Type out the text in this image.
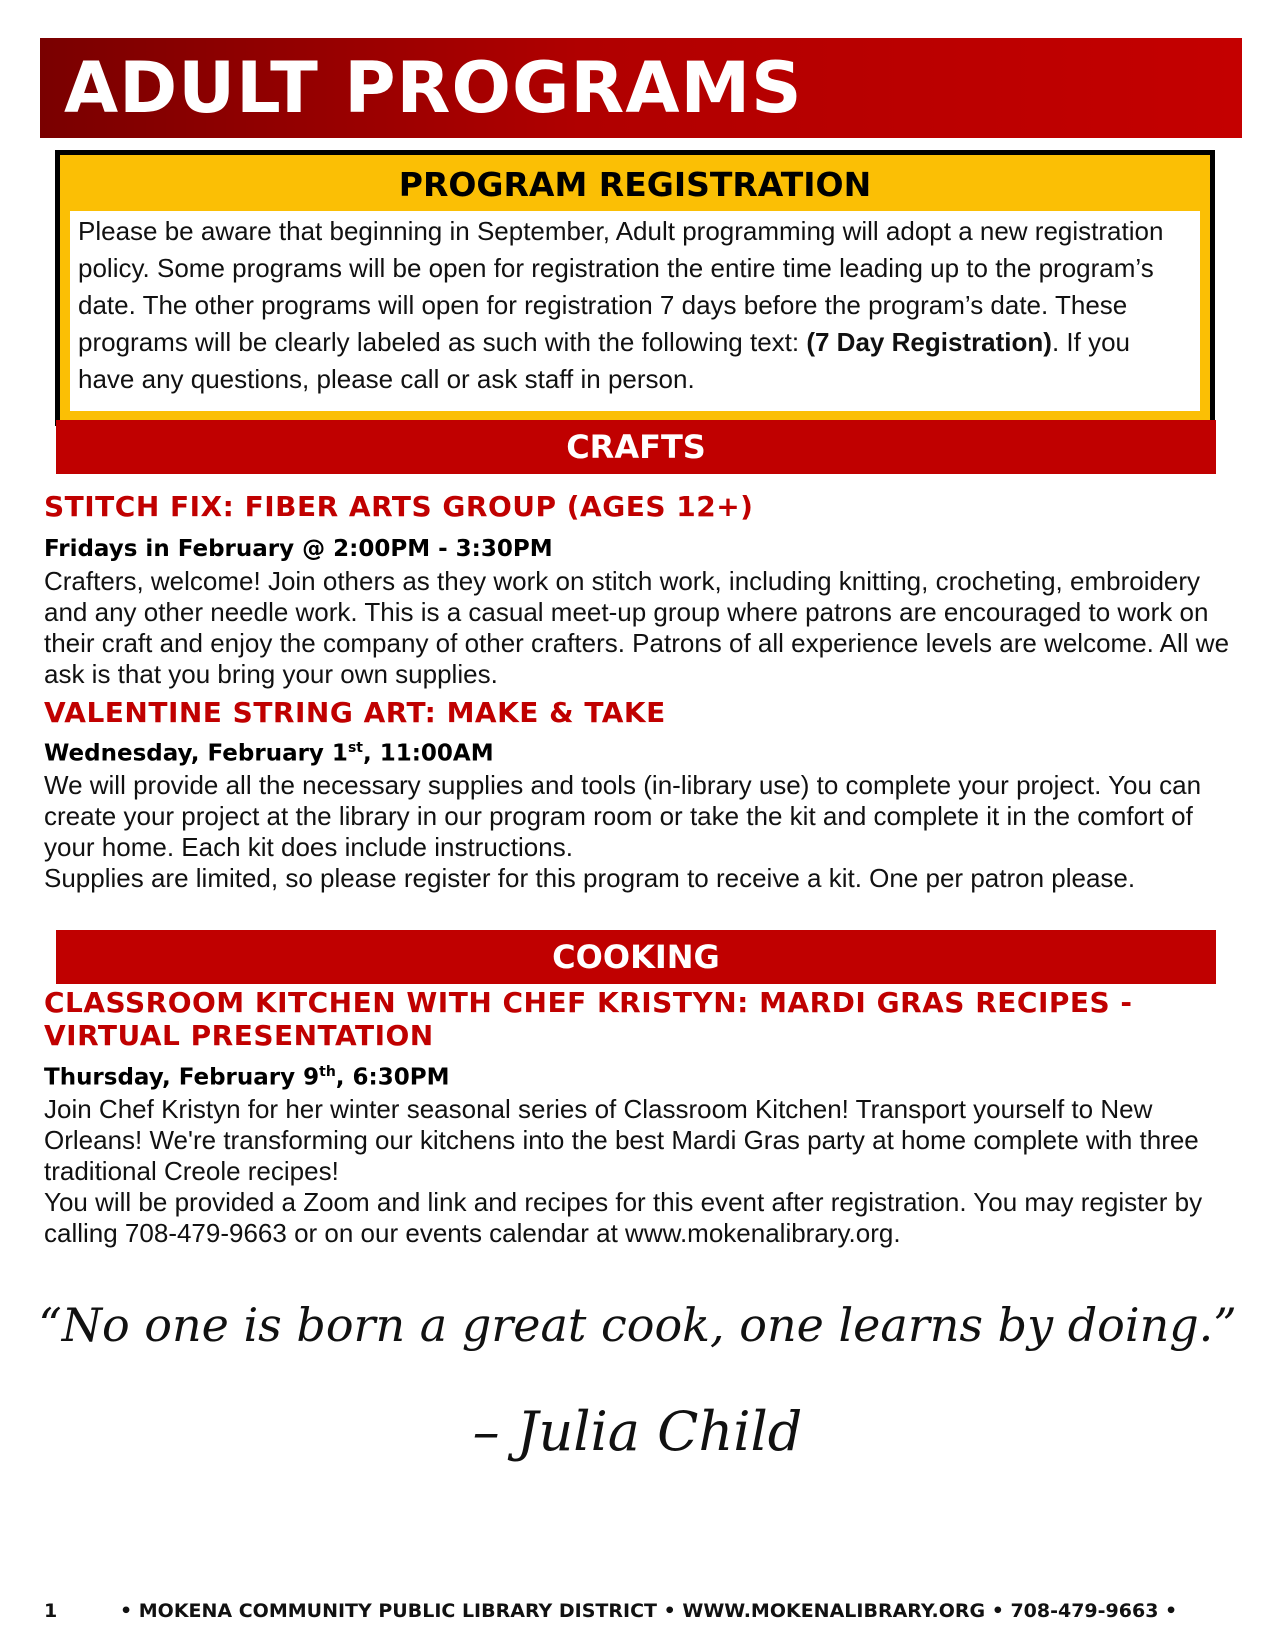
ADULT PROGRAMS
PROGRAM REGISTRATION
Please be aware that beginning in September, Adult programming will adopt a new registration policy. Some programs will be open for registration the entire time leading up to the program’s date. The other programs will open for registration 7 days before the program’s date. These programs will be clearly labeled as such with the following text: (7 Day Registration). If you have any questions, please call or ask staff in person.
CRAFTS
STITCH FIX: FIBER ARTS GROUP (AGES 12+)
Fridays in February @ 2:00PM - 3:30PM

Crafters, welcome! Join others as they work on stitch work, including knitting, crocheting, embroidery and any other needle work. This is a casual meet-up group where patrons are encouraged to work on their craft and enjoy the company of other crafters. Patrons of all experience levels are welcome. All we ask is that you bring your own supplies.

VALENTINE STRING ART: MAKE & TAKE
Wednesday, February 1st, 11:00AM

We will provide all the necessary supplies and tools (in-library use) to complete your project. You can create your project at the library in our program room or take the kit and complete it in the comfort of your home. Each kit does include instructions.

Supplies are limited, so please register for this program to receive a kit. One per patron please.

COOKING
CLASSROOM KITCHEN WITH CHEF KRISTYN: MARDI GRAS RECIPES - VIRTUAL PRESENTATION
Thursday, February 9th, 6:30PM

Join Chef Kristyn for her winter seasonal series of Classroom Kitchen! Transport yourself to New Orleans! We're transforming our kitchens into the best Mardi Gras party at home complete with three traditional Creole recipes!

You will be provided a Zoom and link and recipes for this event after registration. You may register by calling 708-479-9663 or on our events calendar at www.mokenalibrary.org.

“No one is born a great cook, one learns by doing.”
– Julia Child
1	• MOKENA COMMUNITY PUBLIC LIBRARY DISTRICT • WWW.MOKENALIBRARY.ORG • 708-479-9663 •
